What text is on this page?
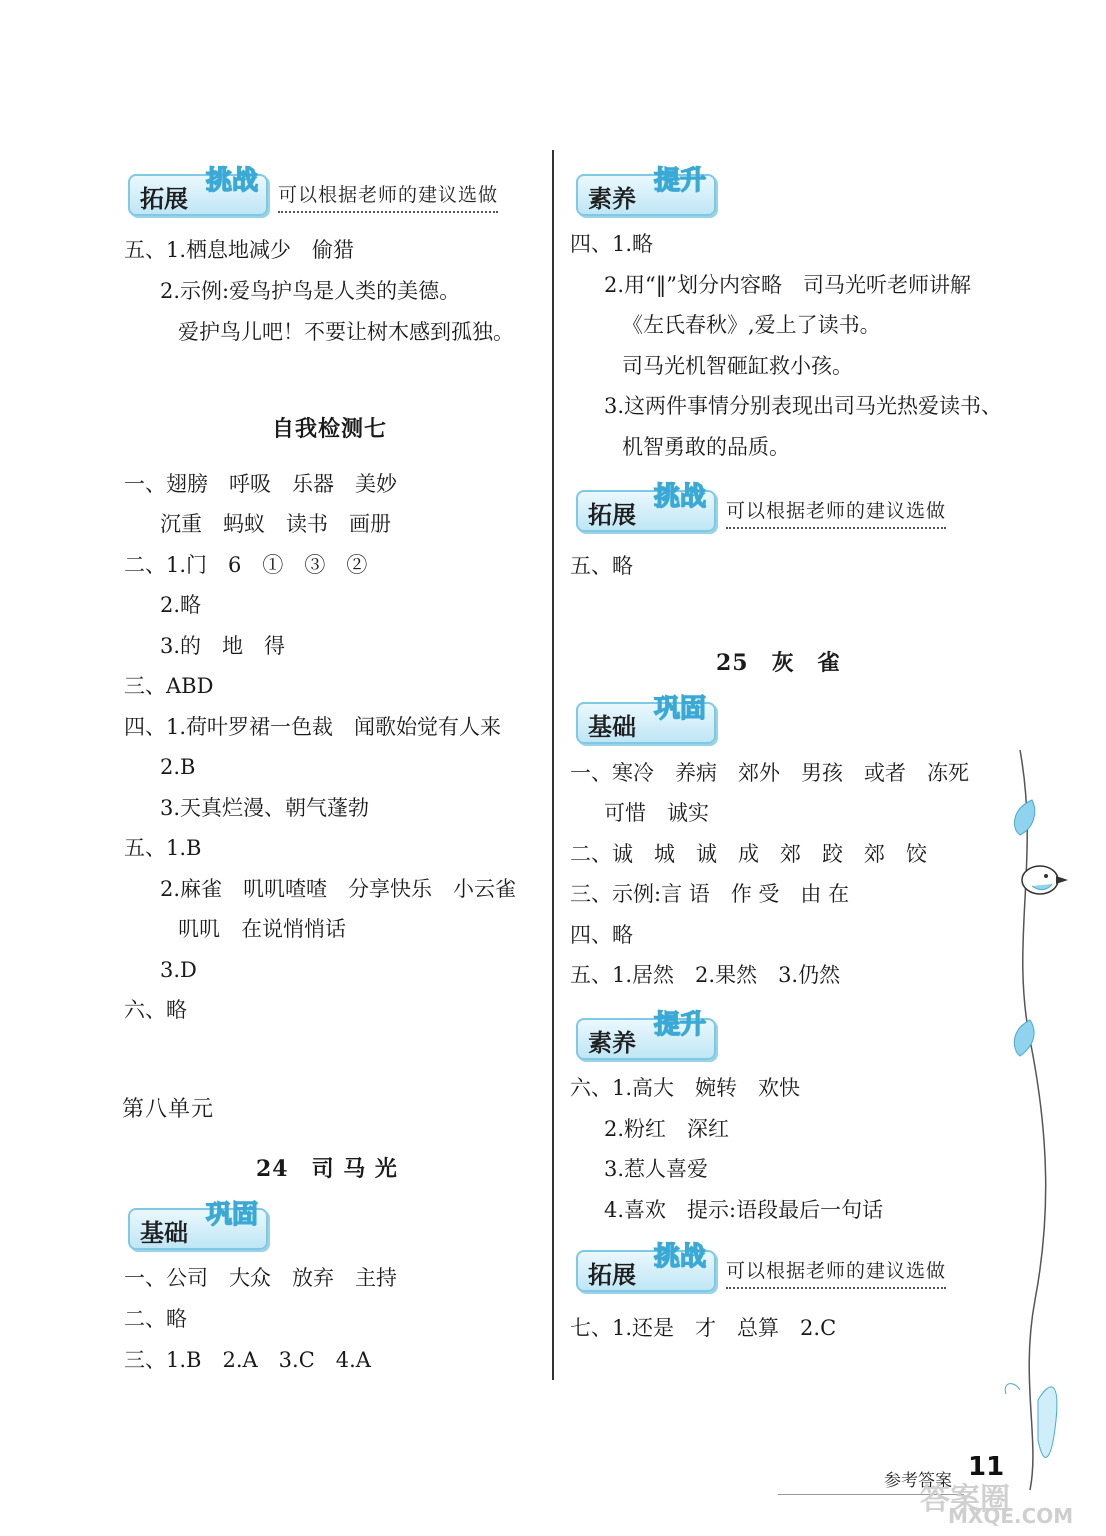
拓展
挑战 可以根据老师的建议选做
五、1.栖息地减少　偷猎
2.示例:爱鸟护鸟是人类的美德。
爱护鸟儿吧！不要让树木感到孤独。
自我检测七
一、翅膀　呼吸　乐器　美妙
沉重　蚂蚁　读书　画册
二、1.门　6　①　③　②
2.略
3.的　地　得
三、ABD
四、1.荷叶罗裙一色裁　闻歌始觉有人来
2.B
3.天真烂漫、朝气蓬勃
五、1.B
2.麻雀　叽叽喳喳　分享快乐　小云雀
叽叽　在说悄悄话
3.D
六、略
第八单元
24　司 马 光
基础
巩固
一、公司　大众　放弃　主持
二、略
三、1.B　2.A　3.C　4.A
素养
提升
四、1.略
2.用“‖”划分内容略　司马光听老师讲解
《左氏春秋》,爱上了读书。
司马光机智砸缸救小孩。
3.这两件事情分别表现出司马光热爱读书、
机智勇敢的品质。
拓展
挑战 可以根据老师的建议选做
五、略
25　灰　雀
基础
巩固
一、寒冷　养病　郊外　男孩　或者　冻死
可惜　诚实
二、诚　城　诚　成　郊　跤　郊　饺
三、示例:言 语　作 受　由 在
四、略
五、1.居然　2.果然　3.仍然
素养
提升
六、1.高大　婉转　欢快
2.粉红　深红
3.惹人喜爱
4.喜欢　提示:语段最后一句话
拓展
挑战 可以根据老师的建议选做
七、1.还是　才　总算　2.C
参考答案 11
答案圈
MXQE.COM
